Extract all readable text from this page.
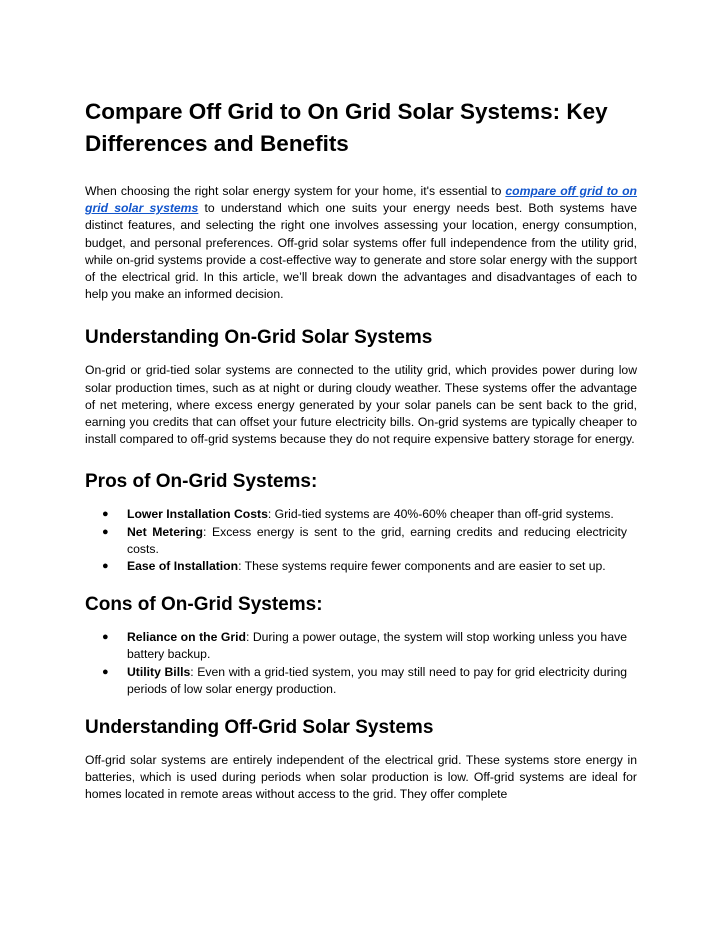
Compare Off Grid to On Grid Solar Systems: Key Differences and Benefits

When choosing the right solar energy system for your home, it's essential to compare off grid to on grid solar systems to understand which one suits your energy needs best. Both systems have distinct features, and selecting the right one involves assessing your location, energy consumption, budget, and personal preferences. Off-grid solar systems offer full independence from the utility grid, while on-grid systems provide a cost-effective way to generate and store solar energy with the support of the electrical grid. In this article, we’ll break down the advantages and disadvantages of each to help you make an informed decision.

Understanding On-Grid Solar Systems

On-grid or grid-tied solar systems are connected to the utility grid, which provides power during low solar production times, such as at night or during cloudy weather. These systems offer the advantage of net metering, where excess energy generated by your solar panels can be sent back to the grid, earning you credits that can offset your future electricity bills. On-grid systems are typically cheaper to install compared to off-grid systems because they do not require expensive battery storage for energy.

Pros of On-Grid Systems:
● Lower Installation Costs: Grid-tied systems are 40%-60% cheaper than off-grid systems.
● Net Metering: Excess energy is sent to the grid, earning credits and reducing electricity costs.
● Ease of Installation: These systems require fewer components and are easier to set up.
Cons of On-Grid Systems:
● Reliance on the Grid: During a power outage, the system will stop working unless you have battery backup.
● Utility Bills: Even with a grid-tied system, you may still need to pay for grid electricity during periods of low solar energy production.
Understanding Off-Grid Solar Systems

Off-grid solar systems are entirely independent of the electrical grid. These systems store energy in batteries, which is used during periods when solar production is low. Off-grid systems are ideal for homes located in remote areas without access to the grid. They offer complete
